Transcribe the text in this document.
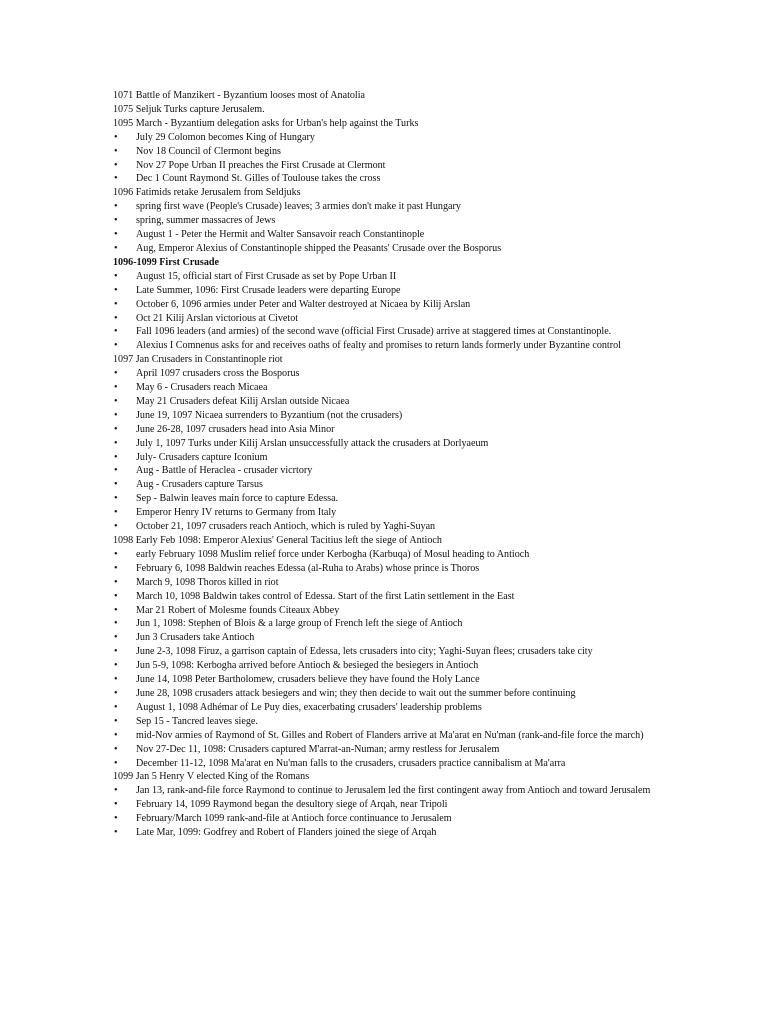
1071 Battle of Manzikert - Byzantium looses most of Anatolia
1075 Seljuk Turks capture Jerusalem.
1095 March - Byzantium delegation asks for Urban's help against the Turks
• July 29 Colomon becomes King of Hungary
• Nov 18 Council of Clermont begins
• Nov 27 Pope Urban II preaches the First Crusade at Clermont
• Dec 1 Count Raymond St. Gilles of Toulouse takes the cross
1096 Fatimids retake Jerusalem from Seldjuks
• spring first wave (People's Crusade) leaves; 3 armies don't make it past Hungary
• spring, summer massacres of Jews
• August 1 - Peter the Hermit and Walter Sansavoir reach Constantinople
• Aug, Emperor Alexius of Constantinople shipped the Peasants' Crusade over the Bosporus
1096-1099 First Crusade
• August 15, official start of First Crusade as set by Pope Urban II
• Late Summer, 1096: First Crusade leaders were departing Europe
• October 6, 1096 armies under Peter and Walter destroyed at Nicaea by Kilij Arslan
• Oct 21 Kilij Arslan victorious at Civetot
• Fall 1096 leaders (and armies) of the second wave (official First Crusade) arrive at staggered times at Constantinople.
• Alexius I Comnenus asks for and receives oaths of fealty and promises to return lands formerly under Byzantine control
1097 Jan Crusaders in Constantinople riot
• April 1097 crusaders cross the Bosporus
• May 6 - Crusaders reach Micaea
• May 21 Crusaders defeat Kilij Arslan outside Nicaea
• June 19, 1097 Nicaea surrenders to Byzantium (not the crusaders)
• June 26-28, 1097 crusaders head into Asia Minor
• July 1, 1097 Turks under Kilij Arslan unsuccessfully attack the crusaders at Dorlyaeum
• July- Crusaders capture Iconium
• Aug - Battle of Heraclea - crusader vicrtory
• Aug - Crusaders capture Tarsus
• Sep - Balwin leaves main force to capture Edessa.
• Emperor Henry IV returns to Germany from Italy
• October 21, 1097 crusaders reach Antioch, which is ruled by Yaghi-Suyan
1098 Early Feb 1098: Emperor Alexius' General Tacitius left the siege of Antioch
• early February 1098 Muslim relief force under Kerbogha (Karbuqa) of Mosul heading to Antioch
• February 6, 1098 Baldwin reaches Edessa (al-Ruha to Arabs) whose prince is Thoros
• March 9, 1098 Thoros killed in riot
• March 10, 1098 Baldwin takes control of Edessa. Start of the first Latin settlement in the East
• Mar 21 Robert of Molesme founds Citeaux Abbey
• Jun 1, 1098: Stephen of Blois & a large group of French left the siege of Antioch
• Jun 3 Crusaders take Antioch
• June 2-3, 1098 Firuz, a garrison captain of Edessa, lets crusaders into city; Yaghi-Suyan flees; crusaders take city
• Jun 5-9, 1098: Kerbogha arrived before Antioch & besieged the besiegers in Antioch
• June 14, 1098 Peter Bartholomew, crusaders believe they have found the Holy Lance
• June 28, 1098 crusaders attack besiegers and win; they then decide to wait out the summer before continuing
• August 1, 1098 Adhémar of Le Puy dies, exacerbating crusaders' leadership problems
• Sep 15 - Tancred leaves siege.
• mid-Nov armies of Raymond of St. Gilles and Robert of Flanders arrive at Ma'arat en Nu'man (rank-and-file force the march)
• Nov 27-Dec 11, 1098: Crusaders captured M'arrat-an-Numan; army restless for Jerusalem
• December 11-12, 1098 Ma'arat en Nu'man falls to the crusaders, crusaders practice cannibalism at Ma'arra
1099 Jan 5 Henry V elected King of the Romans
• Jan 13, rank-and-file force Raymond to continue to Jerusalem led the first contingent away from Antioch and toward Jerusalem
• February 14, 1099 Raymond began the desultory siege of Arqah, near Tripoli
• February/March 1099 rank-and-file at Antioch force continuance to Jerusalem
• Late Mar, 1099: Godfrey and Robert of Flanders joined the siege of Arqah
